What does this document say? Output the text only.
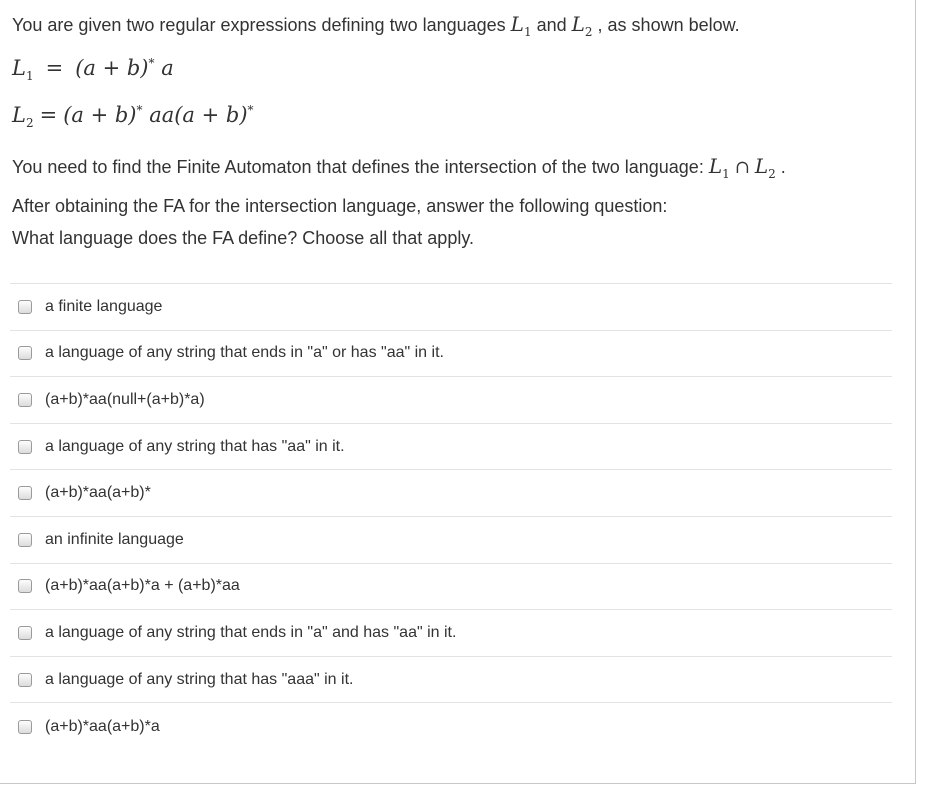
You are given two regular expressions defining two languages $L_1$ and $L_2$ , as shown below.
$L_1 = (a + b)^*$ a
$L_2 = (a + b)^*$ aa(a + b)*
You need to find the Finite Automaton that defines the intersection of the two language: $L_1$ ∩ $L_2$ .
After obtaining the FA for the intersection language, answer the following question:
What language does the FA define? Choose all that apply.
a finite language
a language of any string that ends in "a" or has "aa" in it.
(a+b)*aa(null+(a+b)*a)
a language of any string that has "aa" in it.
(a+b)*aa(a+b)*
an infinite language
(a+b)*aa(a+b)*a + (a+b)*aa
a language of any string that ends in "a" and has "aa" in it.
a language of any string that has "aaa" in it.
(a+b)*aa(a+b)*a
